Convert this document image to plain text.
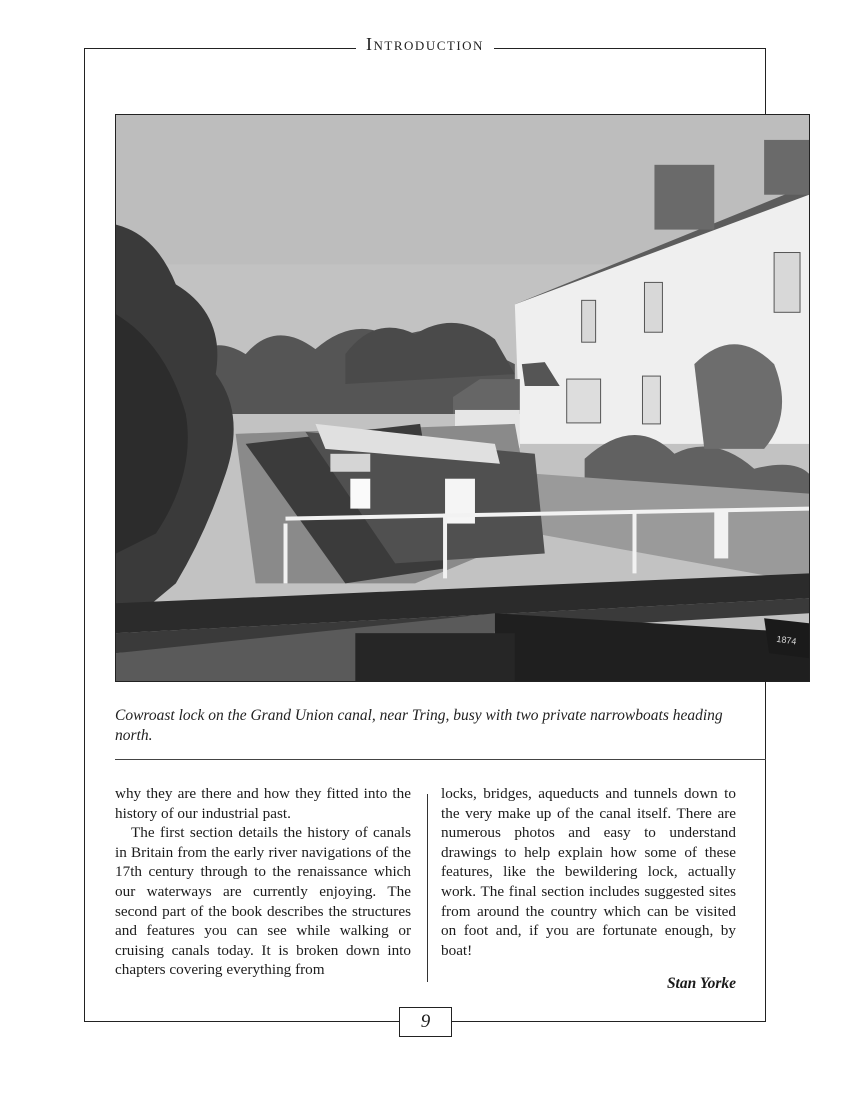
Introduction
1874
Cowroast lock on the Grand Union canal, near Tring, busy with two private narrowboats heading north.

why they are there and how they fitted into the history of our industrial past.

The first section details the history of canals in Britain from the early river navigations of the 17th century through to the renaissance which our waterways are currently enjoying. The second part of the book describes the structures and features you can see while walking or cruising canals today. It is broken down into chapters covering everything from

locks, bridges, aqueducts and tunnels down to the very make up of the canal itself. There are numerous photos and easy to understand drawings to help explain how some of these features, like the bewildering lock, actually work. The final section includes suggested sites from around the country which can be visited on foot and, if you are fortunate enough, by boat!

Stan Yorke
9
